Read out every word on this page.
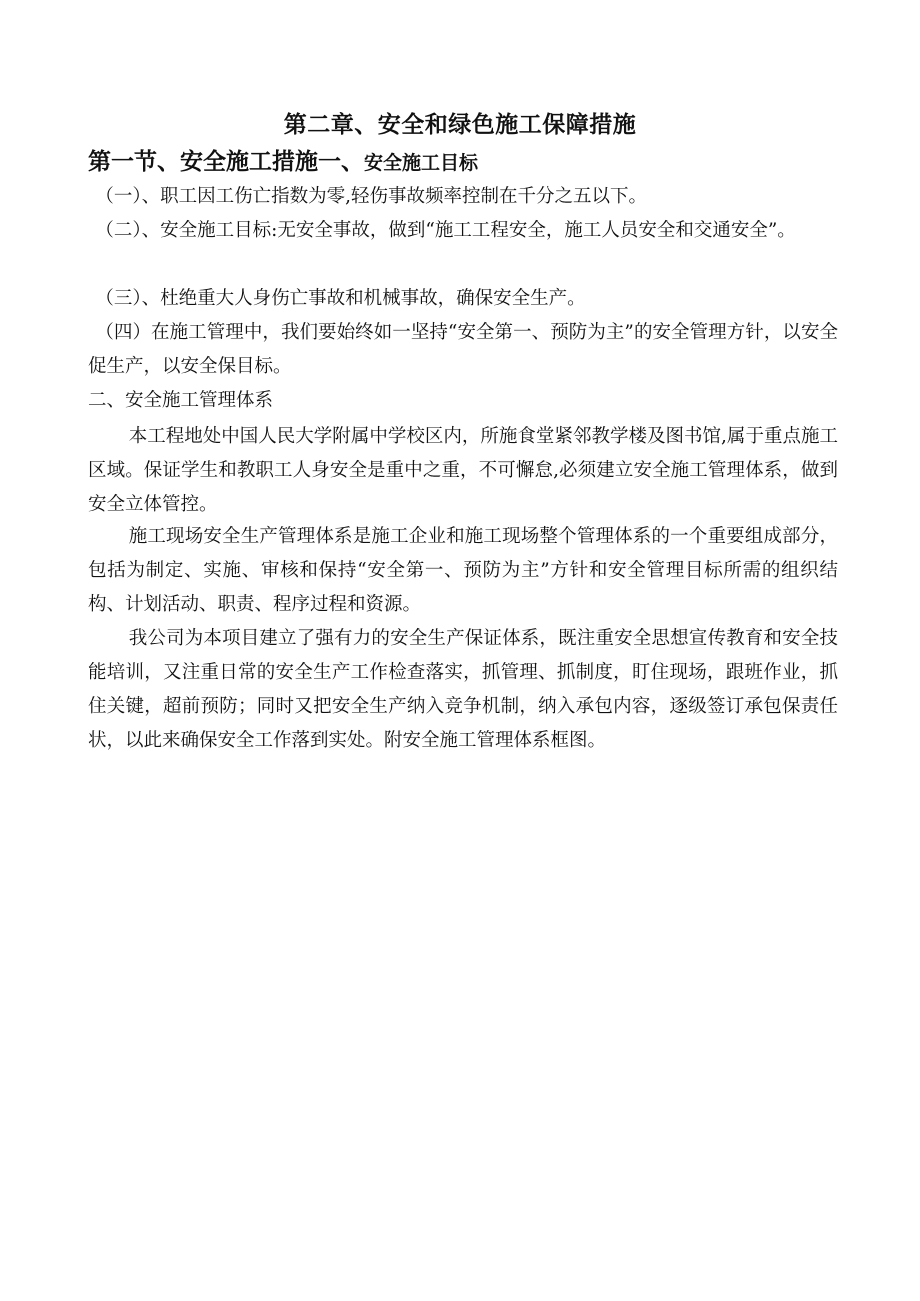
第二章、安全和绿色施工保障措施
第一节、安全施工措施一、安全施工目标

（一）、职工因工伤亡指数为零,轻伤事故频率控制在千分之五以下。

（二）、安全施工目标:无安全事故，做到“施工工程安全，施工人员安全和交通安全”。

（三）、杜绝重大人身伤亡事故和机械事故，确保安全生产。

（四）在施工管理中，我们要始终如一坚持“安全第一、预防为主”的安全管理方针，以安全促生产，以安全保目标。

二、安全施工管理体系

本工程地处中国人民大学附属中学校区内，所施食堂紧邻教学楼及图书馆,属于重点施工区域。保证学生和教职工人身安全是重中之重，不可懈怠,必须建立安全施工管理体系，做到安全立体管控。

施工现场安全生产管理体系是施工企业和施工现场整个管理体系的一个重要组成部分，包括为制定、实施、审核和保持“安全第一、预防为主”方针和安全管理目标所需的组织结构、计划活动、职责、程序过程和资源。

我公司为本项目建立了强有力的安全生产保证体系，既注重安全思想宣传教育和安全技能培训，又注重日常的安全生产工作检查落实，抓管理、抓制度，盯住现场，跟班作业，抓住关键，超前预防；同时又把安全生产纳入竞争机制，纳入承包内容，逐级签订承包保责任状，以此来确保安全工作落到实处。附安全施工管理体系框图。
